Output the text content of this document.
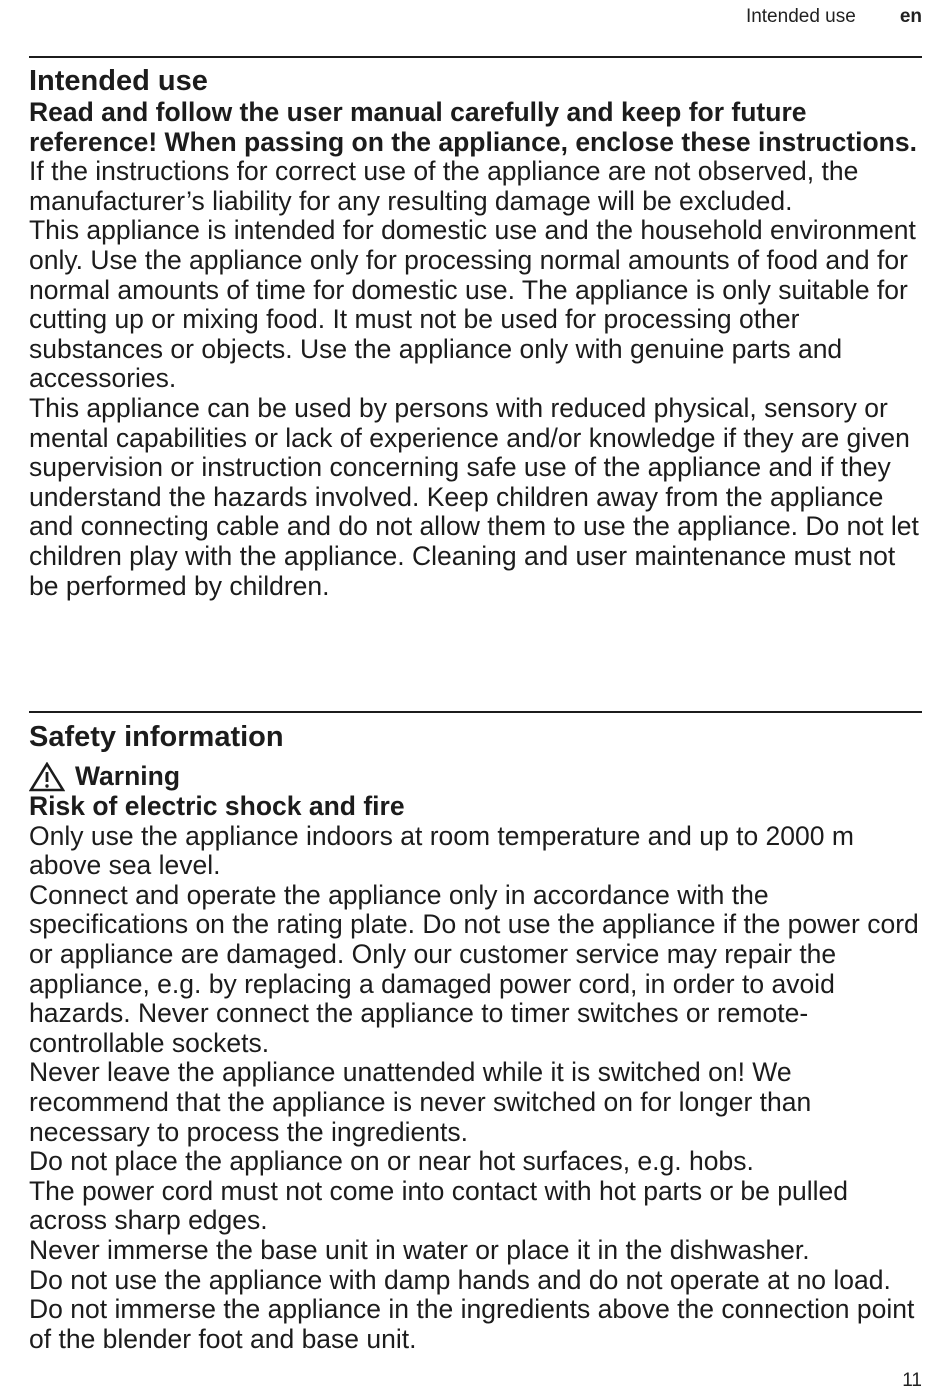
Intended use en
Intended use

Read and follow the user manual carefully and keep for future reference! When passing on the appliance, enclose these instructions.

If the instructions for correct use of the appliance are not observed, the manufacturer’s liability for any resulting damage will be excluded.

This appliance is intended for domestic use and the household environment only. Use the appliance only for processing normal amounts of food and for normal amounts of time for domestic use. The appliance is only suitable for cutting up or mixing food. It must not be used for processing other substances or objects. Use the appliance only with genuine parts and accessories.

This appliance can be used by persons with reduced physical, sensory or mental capabilities or lack of experience and/or knowledge if they are given supervision or instruction concerning safe use of the appliance and if they understand the hazards involved. Keep children away from the appliance and connecting cable and do not allow them to use the appliance. Do not let children play with the appliance. Cleaning and user maintenance must not be performed by children.

Safety information
Warning

Risk of electric shock and fire

Only use the appliance indoors at room temperature and up to 2000 m above sea level.

Connect and operate the appliance only in accordance with the specifications on the rating plate. Do not use the appliance if the power cord or appliance are damaged. Only our customer service may repair the appliance, e.g. by replacing a damaged power cord, in order to avoid hazards. Never connect the appliance to timer switches or remote-controllable sockets.

Never leave the appliance unattended while it is switched on! We recommend that the appliance is never switched on for longer than necessary to process the ingredients.

Do not place the appliance on or near hot surfaces, e.g. hobs.

The power cord must not come into contact with hot parts or be pulled across sharp edges.

Never immerse the base unit in water or place it in the dishwasher.

Do not use the appliance with damp hands and do not operate at no load. Do not immerse the appliance in the ingredients above the connection point of the blender foot and base unit.

11
